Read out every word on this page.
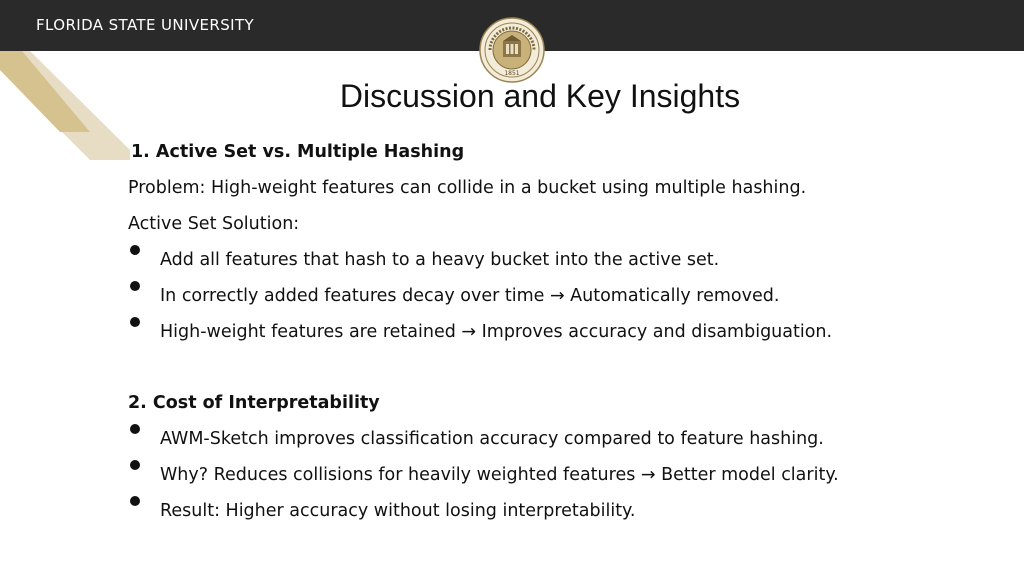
FLORIDA STATE UNIVERSITY
1851
Discussion and Key Insights
1. Active Set vs. Multiple Hashing
Problem: High-weight features can collide in a bucket using multiple hashing.
Active Set Solution:
Add all features that hash to a heavy bucket into the active set.
In correctly added features decay over time → Automatically removed.
High-weight features are retained → Improves accuracy and disambiguation.
2. Cost of Interpretability
AWM-Sketch improves classification accuracy compared to feature hashing.
Why? Reduces collisions for heavily weighted features → Better model clarity.
Result: Higher accuracy without losing interpretability.
